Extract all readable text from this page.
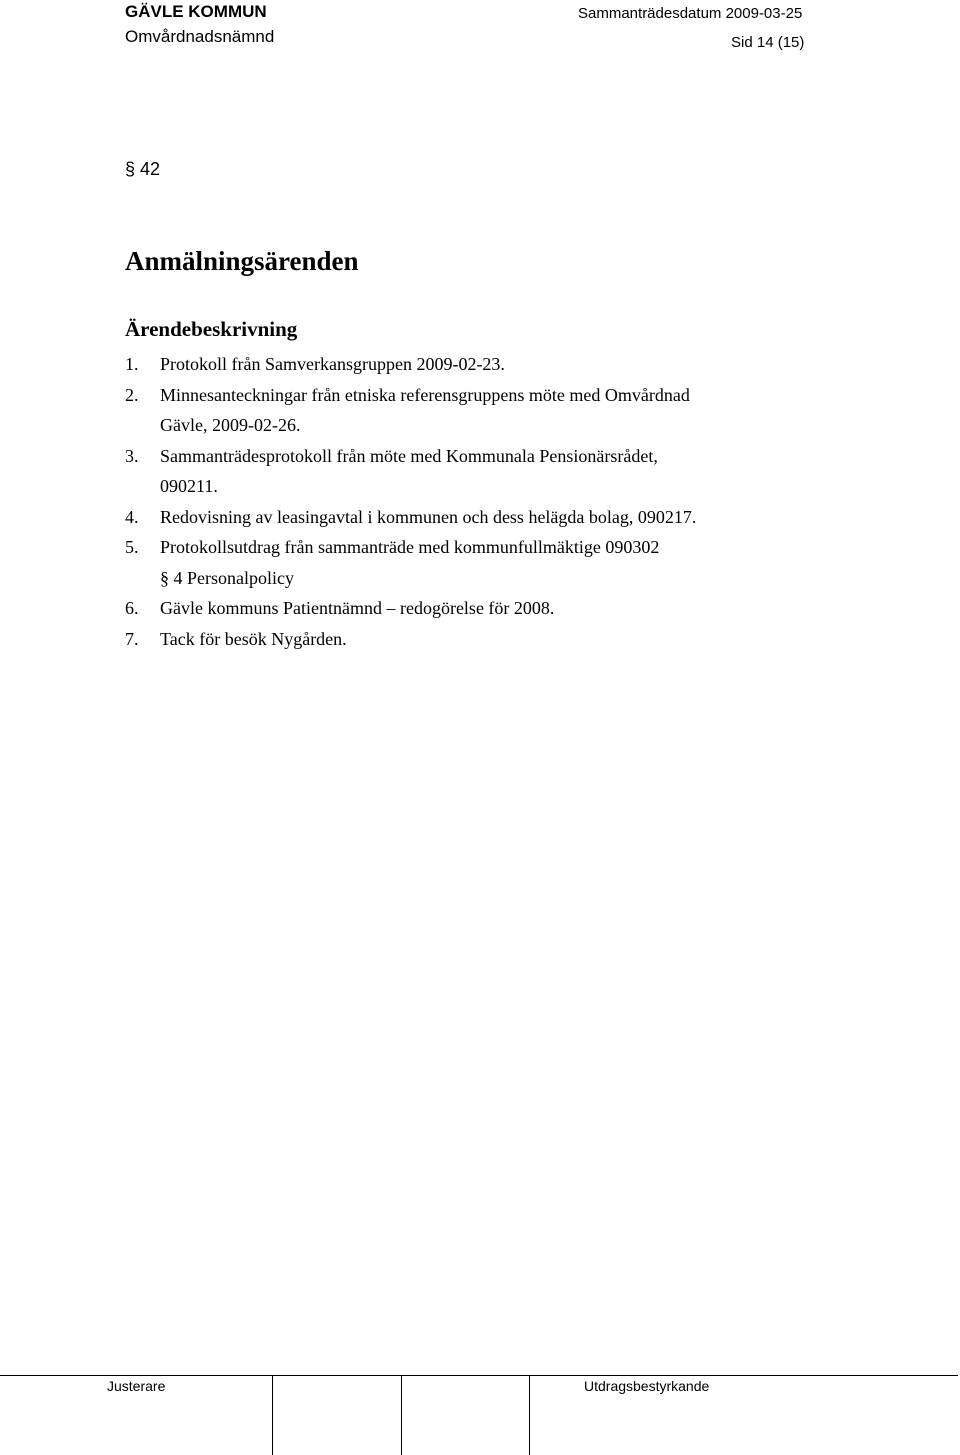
GÄVLE KOMMUN
Omvårdnadsnämnd
Sammanträdesdatum 2009-03-25
Sid 14 (15)
§ 42
Anmälningsärenden
Ärendebeskrivning
1.	Protokoll från Samverkansgruppen 2009-02-23.
2.	Minnesanteckningar från etniska referensgruppens möte med Omvårdnad
Gävle, 2009-02-26.
3.	Sammanträdesprotokoll från möte med Kommunala Pensionärsrådet,
090211.
4.	Redovisning av leasingavtal i kommunen och dess helägda bolag, 090217.
5.	Protokollsutdrag från sammanträde med kommunfullmäktige 090302
§ 4 Personalpolicy
6.	Gävle kommuns Patientnämnd – redogörelse för 2008.
7.	Tack för besök Nygården.
Justerare	Utdragsbestyrkande
